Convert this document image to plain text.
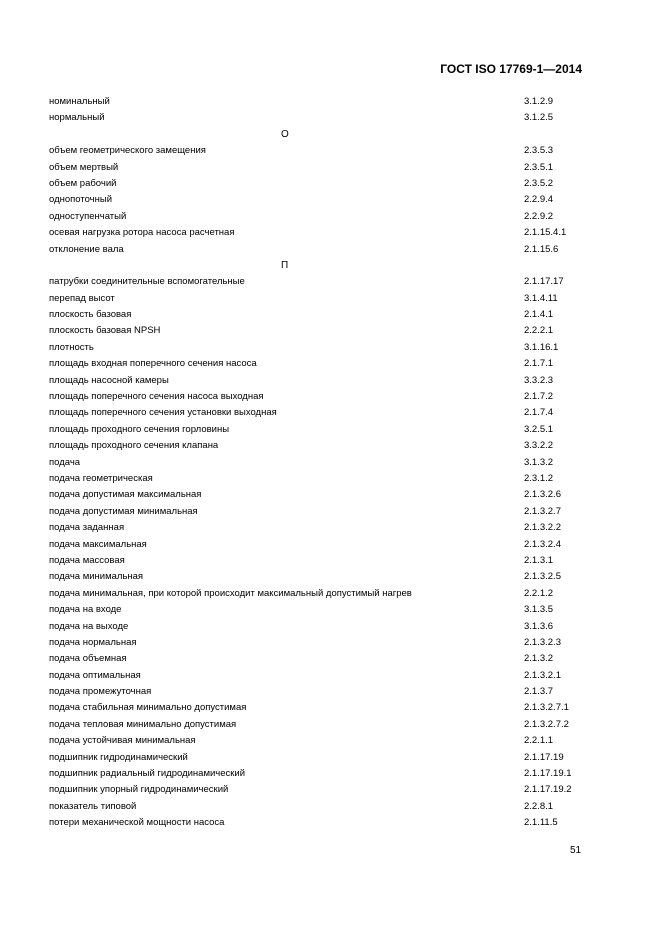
ГОСТ ISO 17769-1—2014
номинальный	3.1.2.9
нормальный	3.1.2.5
О
объем геометрического замещения	2.3.5.3
объем мертвый	2.3.5.1
объем рабочий	2.3.5.2
однопоточный	2.2.9.4
одноступенчатый	2.2.9.2
осевая нагрузка ротора насоса расчетная	2.1.15.4.1
отклонение вала	2.1.15.6
П
патрубки соединительные вспомогательные	2.1.17.17
перепад высот	3.1.4.11
плоскость базовая	2.1.4.1
плоскость базовая NPSH	2.2.2.1
плотность	3.1.16.1
площадь входная поперечного сечения насоса	2.1.7.1
площадь насосной камеры	3.3.2.3
площадь поперечного сечения насоса выходная	2.1.7.2
площадь поперечного сечения установки выходная	2.1.7.4
площадь проходного сечения горловины	3.2.5.1
площадь проходного сечения клапана	3.3.2.2
подача	3.1.3.2
подача геометрическая	2.3.1.2
подача допустимая максимальная	2.1.3.2.6
подача допустимая минимальная	2.1.3.2.7
подача заданная	2.1.3.2.2
подача максимальная	2.1.3.2.4
подача массовая	2.1.3.1
подача минимальная	2.1.3.2.5
подача минимальная, при которой происходит максимальный допустимый нагрев	2.2.1.2
подача на входе	3.1.3.5
подача на выходе	3.1.3.6
подача нормальная	2.1.3.2.3
подача объемная	2.1.3.2
подача оптимальная	2.1.3.2.1
подача промежуточная	2.1.3.7
подача стабильная минимально допустимая	2.1.3.2.7.1
подача тепловая минимально допустимая	2.1.3.2.7.2
подача устойчивая минимальная	2.2.1.1
подшипник гидродинамический	2.1.17.19
подшипник радиальный гидродинамический	2.1.17.19.1
подшипник упорный гидродинамический	2.1.17.19.2
показатель типовой	2.2.8.1
потери механической мощности насоса	2.1.11.5
51
